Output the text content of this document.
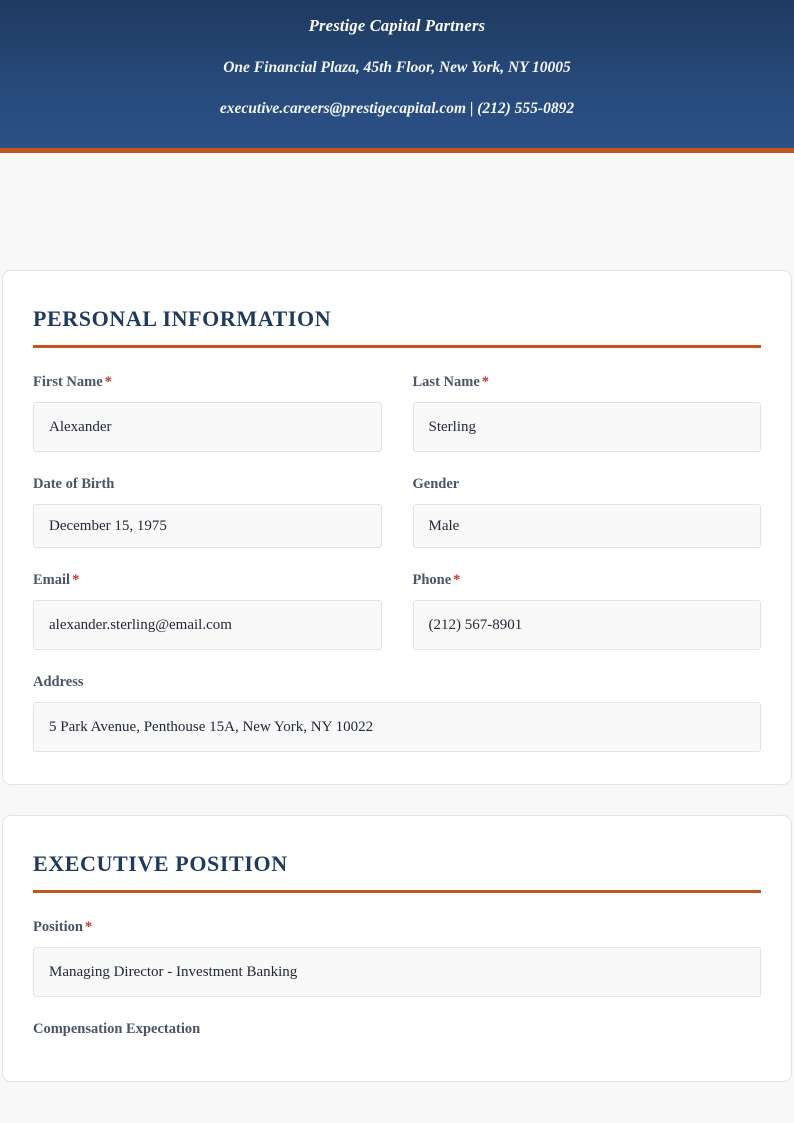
Prestige Capital Partners
One Financial Plaza, 45th Floor, New York, NY 10005
executive.careers@prestigecapital.com | (212) 555-0892
PERSONAL INFORMATION
First Name *
Alexander
Last Name *
Sterling
Date of Birth
December 15, 1975
Gender
Male
Email *
alexander.sterling@email.com
Phone *
(212) 567-8901
Address
5 Park Avenue, Penthouse 15A, New York, NY 10022
EXECUTIVE POSITION
Position *
Managing Director - Investment Banking
Compensation Expectation
